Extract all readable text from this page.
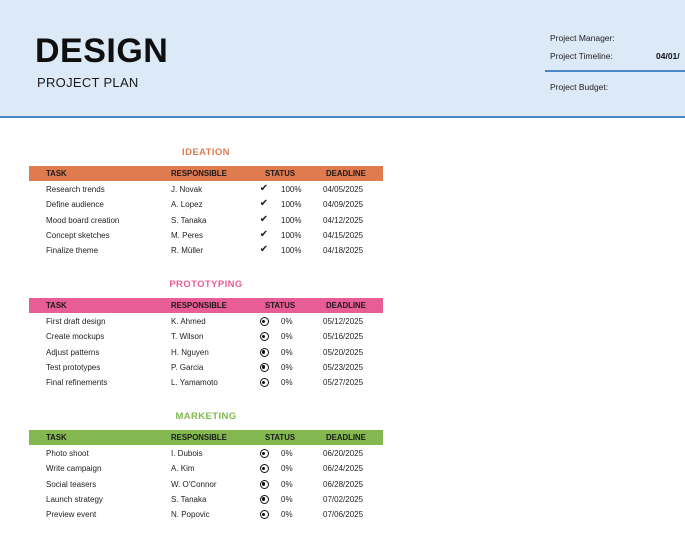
DESIGN
PROJECT PLAN
Project Manager:
Project Timeline:	04/01/
Project Budget:
IDEATION
TASK	RESPONSIBLE	STATUS	DEADLINE
Research trends	J. Novak	✔ 100%	04/05/2025
Define audience	A. Lopez	✔ 100%	04/09/2025
Mood board creation	S. Tanaka	✔ 100%	04/12/2025
Concept sketches	M. Peres	✔ 100%	04/15/2025
Finalize theme	R. Müller	✔ 100%	04/18/2025
PROTOTYPING
TASK	RESPONSIBLE	STATUS	DEADLINE
First draft design	K. Ahmed	0%	05/12/2025
Create mockups	T. Wilson	0%	05/16/2025
Adjust patterns	H. Nguyen	0%	05/20/2025
Test prototypes	P. Garcia	0%	05/23/2025
Final refinements	L. Yamamoto	0%	05/27/2025
MARKETING
TASK	RESPONSIBLE	STATUS	DEADLINE
Photo shoot	I. Dubois	0%	06/20/2025
Write campaign	A. Kim	0%	06/24/2025
Social teasers	W. O'Connor	0%	06/28/2025
Launch strategy	S. Tanaka	0%	07/02/2025
Preview event	N. Popovic	0%	07/06/2025
